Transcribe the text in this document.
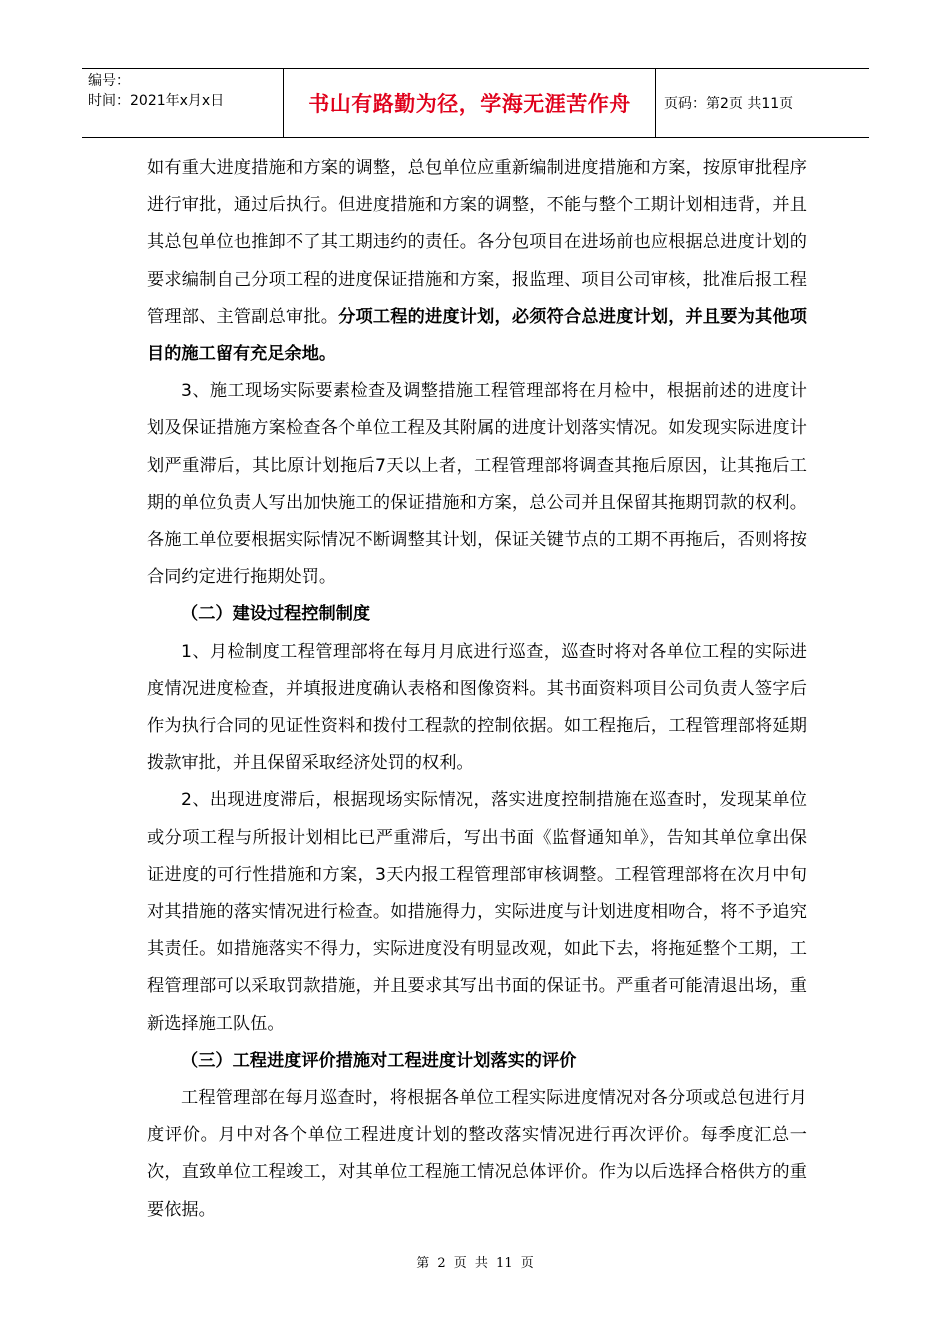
编号：
时间：2021年x月x日	书山有路勤为径，学海无涯苦作舟	页码：第2页 共11页

如有重大进度措施和方案的调整，总包单位应重新编制进度措施和方案，按原审批程序进行审批，通过后执行。但进度措施和方案的调整，不能与整个工期计划相违背，并且其总包单位也推卸不了其工期违约的责任。各分包项目在进场前也应根据总进度计划的要求编制自己分项工程的进度保证措施和方案，报监理、项目公司审核，批准后报工程管理部、主管副总审批。分项工程的进度计划，必须符合总进度计划，并且要为其他项目的施工留有充足余地。

3、施工现场实际要素检查及调整措施工程管理部将在月检中，根据前述的进度计划及保证措施方案检查各个单位工程及其附属的进度计划落实情况。如发现实际进度计划严重滞后，其比原计划拖后7天以上者，工程管理部将调查其拖后原因，让其拖后工期的单位负责人写出加快施工的保证措施和方案，总公司并且保留其拖期罚款的权利。各施工单位要根据实际情况不断调整其计划，保证关键节点的工期不再拖后，否则将按合同约定进行拖期处罚。

（二）建设过程控制制度

1、月检制度工程管理部将在每月月底进行巡查，巡查时将对各单位工程的实际进度情况进度检查，并填报进度确认表格和图像资料。其书面资料项目公司负责人签字后作为执行合同的见证性资料和拨付工程款的控制依据。如工程拖后，工程管理部将延期拨款审批，并且保留采取经济处罚的权利。

2、出现进度滞后，根据现场实际情况，落实进度控制措施在巡查时，发现某单位或分项工程与所报计划相比已严重滞后，写出书面《监督通知单》，告知其单位拿出保证进度的可行性措施和方案，3天内报工程管理部审核调整。工程管理部将在次月中旬对其措施的落实情况进行检查。如措施得力，实际进度与计划进度相吻合，将不予追究其责任。如措施落实不得力，实际进度没有明显改观，如此下去，将拖延整个工期，工程管理部可以采取罚款措施，并且要求其写出书面的保证书。严重者可能清退出场，重新选择施工队伍。

（三）工程进度评价措施对工程进度计划落实的评价

工程管理部在每月巡查时，将根据各单位工程实际进度情况对各分项或总包进行月度评价。月中对各个单位工程进度计划的整改落实情况进行再次评价。每季度汇总一次，直致单位工程竣工，对其单位工程施工情况总体评价。作为以后选择合格供方的重要依据。

第 2 页 共 11 页
